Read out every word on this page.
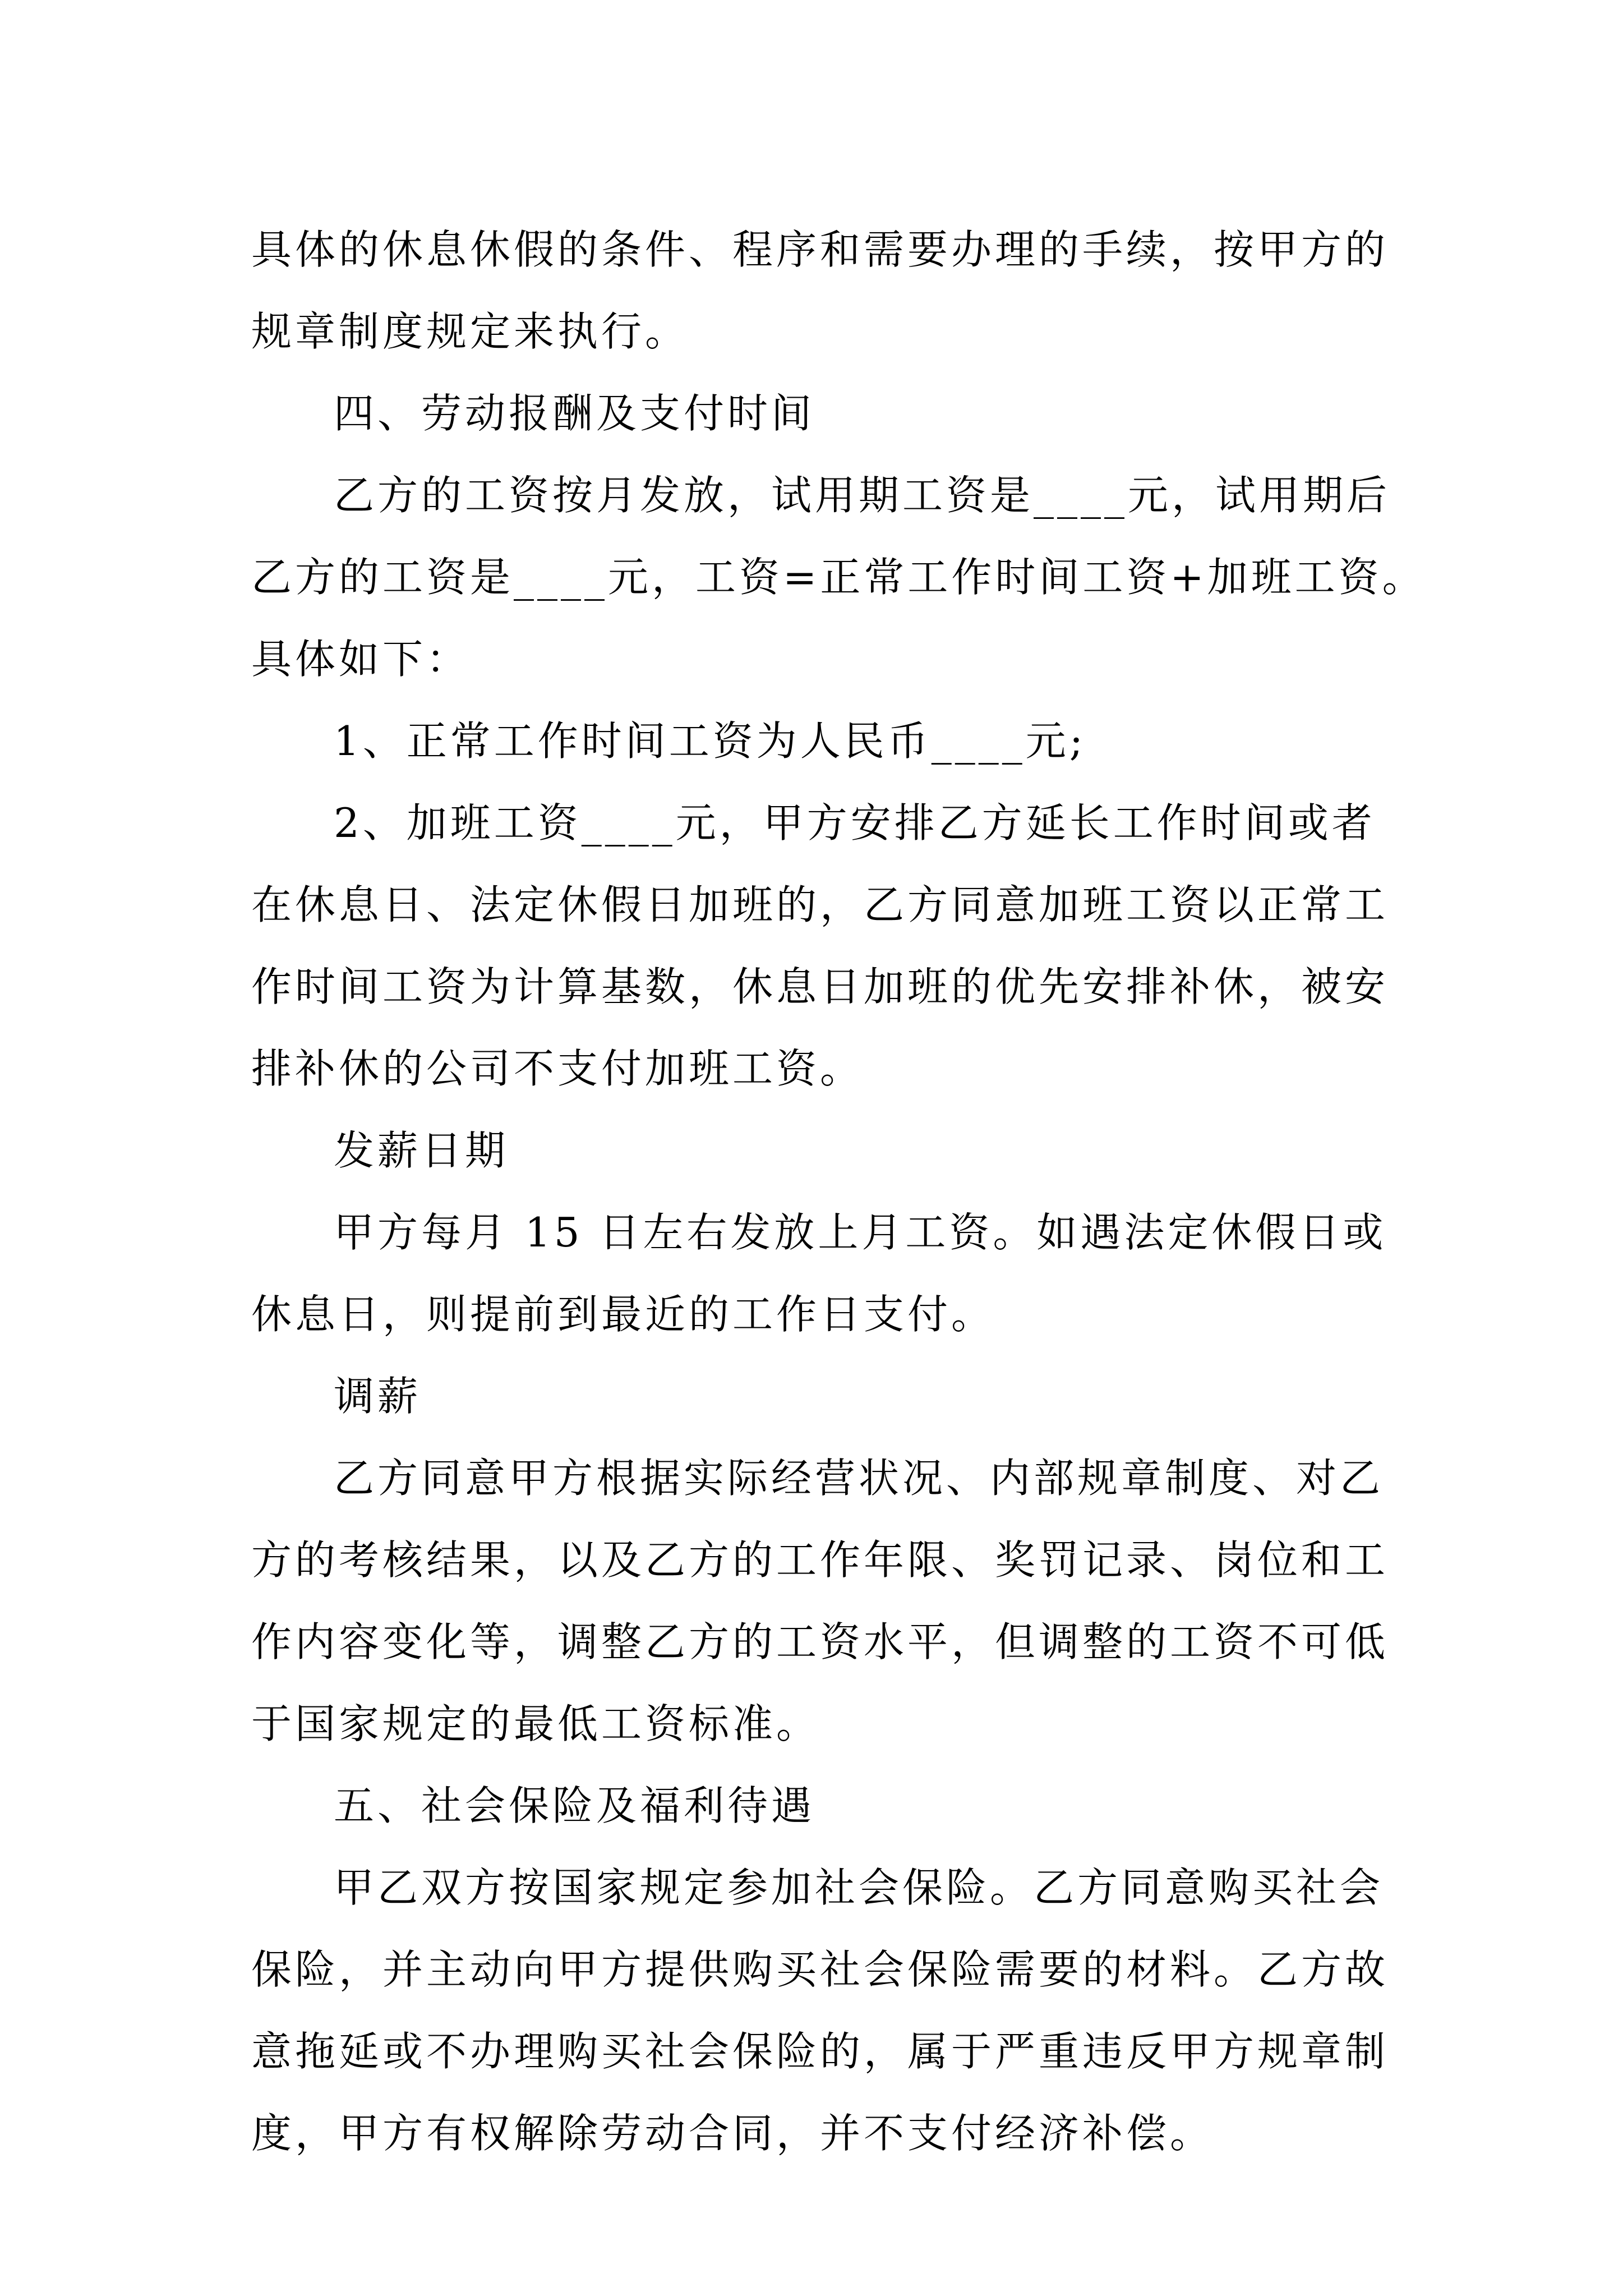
具体的休息休假的条件、程序和需要办理的手续，按甲方的
规章制度规定来执行。
四、劳动报酬及支付时间
乙方的工资按月发放，试用期工资是____元，试用期后
乙方的工资是____元，工资=正常工作时间工资+加班工资。
具体如下：
1、正常工作时间工资为人民币____元;
2、加班工资____元，甲方安排乙方延长工作时间或者
在休息日、法定休假日加班的，乙方同意加班工资以正常工
作时间工资为计算基数，休息日加班的优先安排补休，被安
排补休的公司不支付加班工资。
发薪日期
甲方每月 15 日左右发放上月工资。如遇法定休假日或
休息日，则提前到最近的工作日支付。
调薪
乙方同意甲方根据实际经营状况、内部规章制度、对乙
方的考核结果，以及乙方的工作年限、奖罚记录、岗位和工
作内容变化等，调整乙方的工资水平，但调整的工资不可低
于国家规定的最低工资标准。
五、社会保险及福利待遇
甲乙双方按国家规定参加社会保险。乙方同意购买社会
保险，并主动向甲方提供购买社会保险需要的材料。乙方故
意拖延或不办理购买社会保险的，属于严重违反甲方规章制
度，甲方有权解除劳动合同，并不支付经济补偿。
